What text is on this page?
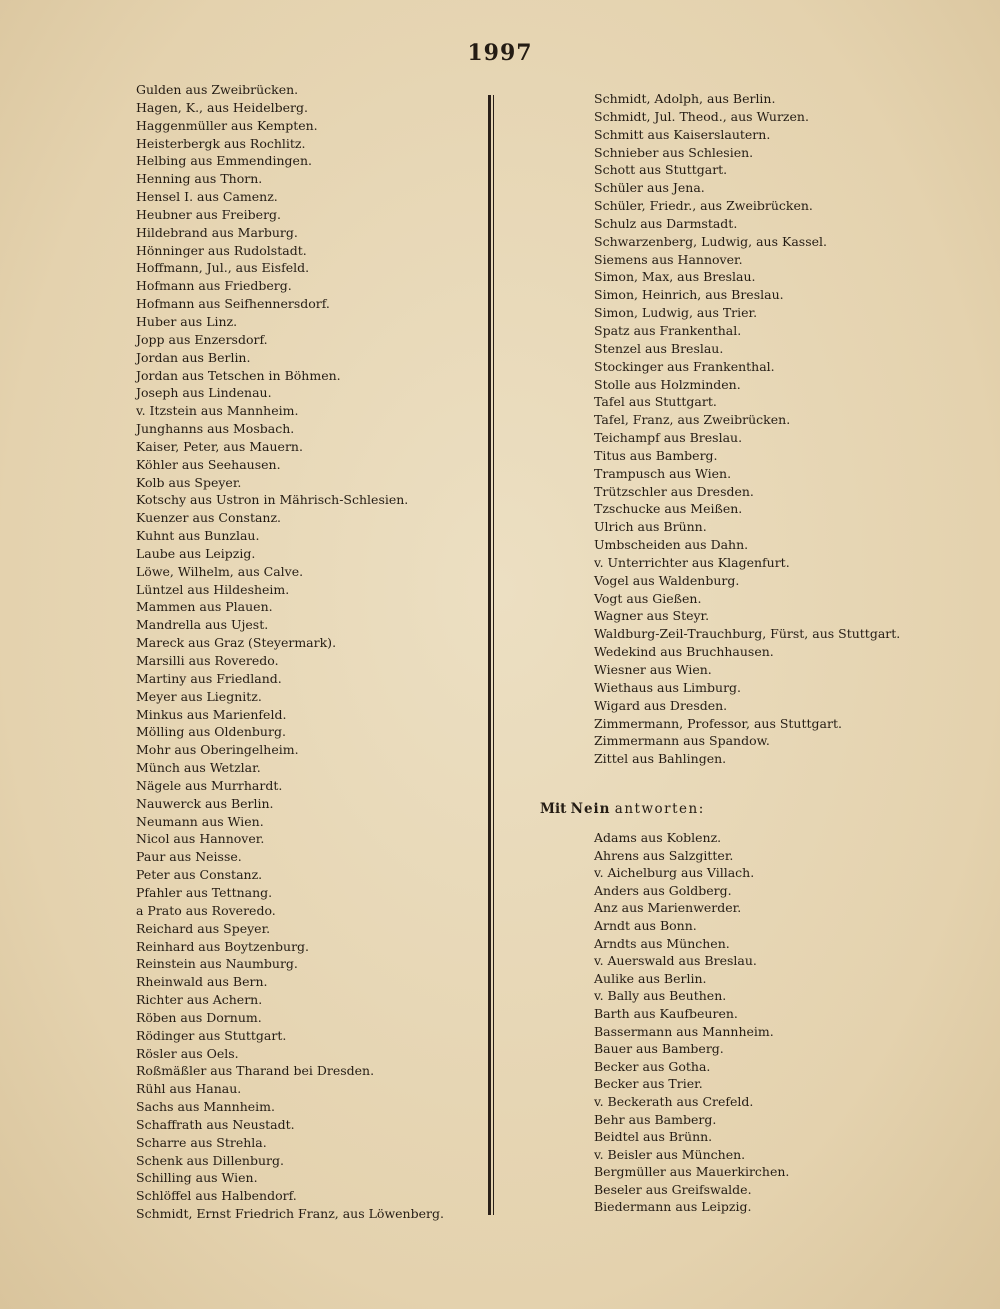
1997
Gulden aus Zweibrücken.
Hagen, K., aus Heidelberg.
Haggenmüller aus Kempten.
Heisterbergk aus Rochlitz.
Helbing aus Emmendingen.
Henning aus Thorn.
Hensel I. aus Camenz.
Heubner aus Freiberg.
Hildebrand aus Marburg.
Hönninger aus Rudolstadt.
Hoffmann, Jul., aus Eisfeld.
Hofmann aus Friedberg.
Hofmann aus Seifhennersdorf.
Huber aus Linz.
Jopp aus Enzersdorf.
Jordan aus Berlin.
Jordan aus Tetschen in Böhmen.
Joseph aus Lindenau.
v. Itzstein aus Mannheim.
Junghanns aus Mosbach.
Kaiser, Peter, aus Mauern.
Köhler aus Seehausen.
Kolb aus Speyer.
Kotschy aus Ustron in Mährisch-Schlesien.
Kuenzer aus Constanz.
Kuhnt aus Bunzlau.
Laube aus Leipzig.
Löwe, Wilhelm, aus Calve.
Lüntzel aus Hildesheim.
Mammen aus Plauen.
Mandrella aus Ujest.
Mareck aus Graz (Steyermark).
Marsilli aus Roveredo.
Martiny aus Friedland.
Meyer aus Liegnitz.
Minkus aus Marienfeld.
Mölling aus Oldenburg.
Mohr aus Oberingelheim.
Münch aus Wetzlar.
Nägele aus Murrhardt.
Nauwerck aus Berlin.
Neumann aus Wien.
Nicol aus Hannover.
Paur aus Neisse.
Peter aus Constanz.
Pfahler aus Tettnang.
a Prato aus Roveredo.
Reichard aus Speyer.
Reinhard aus Boytzenburg.
Reinstein aus Naumburg.
Rheinwald aus Bern.
Richter aus Achern.
Röben aus Dornum.
Rödinger aus Stuttgart.
Rösler aus Oels.
Roßmäßler aus Tharand bei Dresden.
Rühl aus Hanau.
Sachs aus Mannheim.
Schaffrath aus Neustadt.
Scharre aus Strehla.
Schenk aus Dillenburg.
Schilling aus Wien.
Schlöffel aus Halbendorf.
Schmidt, Ernst Friedrich Franz, aus Löwenberg.
Schmidt, Adolph, aus Berlin.
Schmidt, Jul. Theod., aus Wurzen.
Schmitt aus Kaiserslautern.
Schnieber aus Schlesien.
Schott aus Stuttgart.
Schüler aus Jena.
Schüler, Friedr., aus Zweibrücken.
Schulz aus Darmstadt.
Schwarzenberg, Ludwig, aus Kassel.
Siemens aus Hannover.
Simon, Max, aus Breslau.
Simon, Heinrich, aus Breslau.
Simon, Ludwig, aus Trier.
Spatz aus Frankenthal.
Stenzel aus Breslau.
Stockinger aus Frankenthal.
Stolle aus Holzminden.
Tafel aus Stuttgart.
Tafel, Franz, aus Zweibrücken.
Teichampf aus Breslau.
Titus aus Bamberg.
Trampusch aus Wien.
Trützschler aus Dresden.
Tzschucke aus Meißen.
Ulrich aus Brünn.
Umbscheiden aus Dahn.
v. Unterrichter aus Klagenfurt.
Vogel aus Waldenburg.
Vogt aus Gießen.
Wagner aus Steyr.
Waldburg-Zeil-Trauchburg, Fürst, aus Stuttgart.
Wedekind aus Bruchhausen.
Wiesner aus Wien.
Wiethaus aus Limburg.
Wigard aus Dresden.
Zimmermann, Professor, aus Stuttgart.
Zimmermann aus Spandow.
Zittel aus Bahlingen.
Mit Nein antworten:
Adams aus Koblenz.
Ahrens aus Salzgitter.
v. Aichelburg aus Villach.
Anders aus Goldberg.
Anz aus Marienwerder.
Arndt aus Bonn.
Arndts aus München.
v. Auerswald aus Breslau.
Aulike aus Berlin.
v. Bally aus Beuthen.
Barth aus Kaufbeuren.
Bassermann aus Mannheim.
Bauer aus Bamberg.
Becker aus Gotha.
Becker aus Trier.
v. Beckerath aus Crefeld.
Behr aus Bamberg.
Beidtel aus Brünn.
v. Beisler aus München.
Bergmüller aus Mauerkirchen.
Beseler aus Greifswalde.
Biedermann aus Leipzig.
